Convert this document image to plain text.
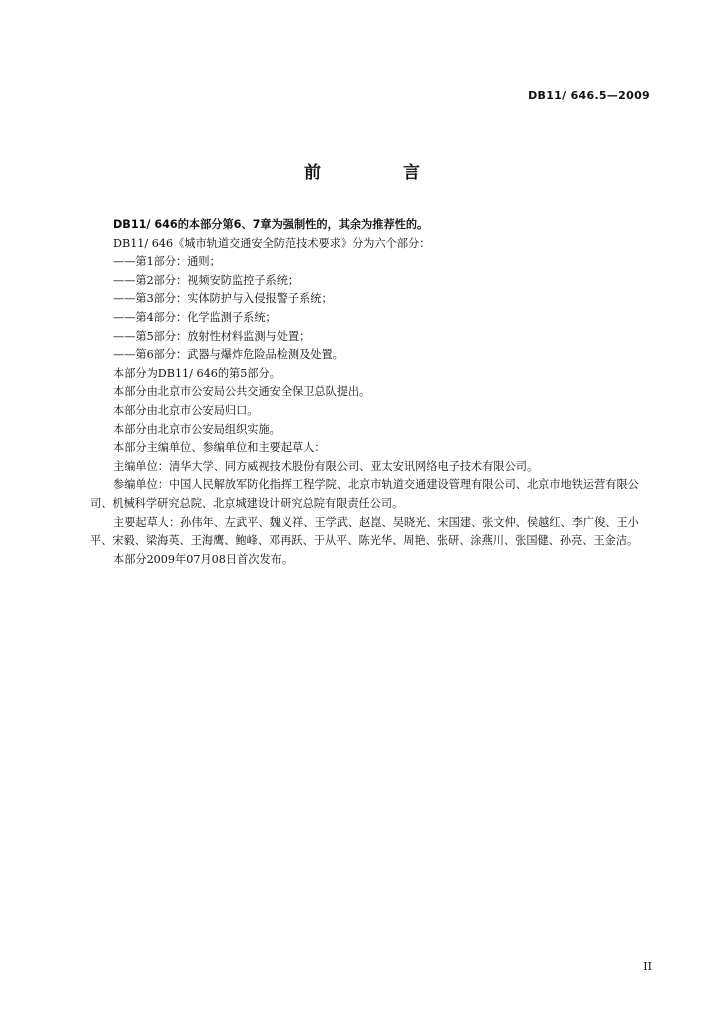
DB11/ 646.5—2009
前 言

DB11/ 646的本部分第6、7章为强制性的，其余为推荐性的。

DB11/ 646《城市轨道交通安全防范技术要求》分为六个部分：

——第1部分：通则；

——第2部分：视频安防监控子系统；

——第3部分：实体防护与入侵报警子系统；

——第4部分：化学监测子系统；

——第5部分：放射性材料监测与处置；

——第6部分：武器与爆炸危险品检测及处置。

本部分为DB11/ 646的第5部分。

本部分由北京市公安局公共交通安全保卫总队提出。

本部分由北京市公安局归口。

本部分由北京市公安局组织实施。

本部分主编单位、参编单位和主要起草人：

主编单位：清华大学、同方威视技术股份有限公司、亚太安讯网络电子技术有限公司。

参编单位：中国人民解放军防化指挥工程学院、北京市轨道交通建设管理有限公司、北京市地铁运营有限公司、机械科学研究总院、北京城建设计研究总院有限责任公司。

主要起草人：孙伟年、左武平、魏义祥、王学武、赵崑、吴晓光、宋国建、张文仲、侯越红、李广俊、王小平、宋毅、梁海英、王海鹰、鲍峰、邓再跃、于从平、陈光华、周艳、张研、涂燕川、张国健、孙亮、王金洁。

本部分2009年07月08日首次发布。

II
